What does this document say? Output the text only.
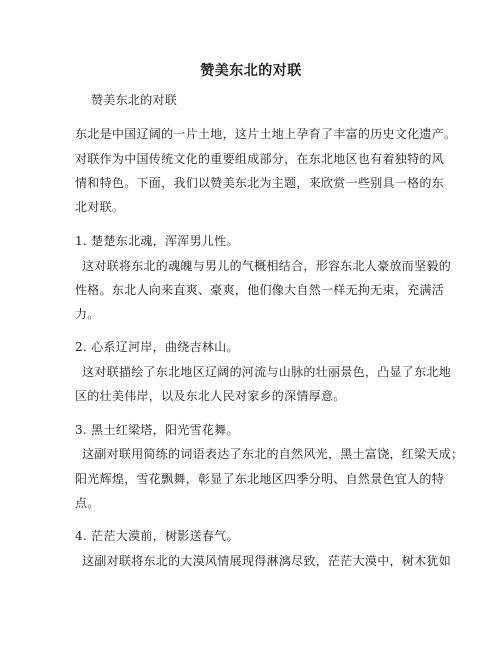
赞美东北的对联
赞美东北的对联
东北是中国辽阔的一片土地，这片土地上孕育了丰富的历史文化遗产。
对联作为中国传统文化的重要组成部分，在东北地区也有着独特的风
情和特色。下面，我们以赞美东北为主题，来欣赏一些别具一格的东
北对联。
1. 楚楚东北魂，浑浑男儿性。
这对联将东北的魂魄与男儿的气概相结合，形容东北人豪放而坚毅的
性格。东北人向来直爽、豪爽，他们像大自然一样无拘无束，充满活
力。
2. 心系辽河岸，曲绕吉林山。
这对联描绘了东北地区辽阔的河流与山脉的壮丽景色，凸显了东北地
区的壮美伟岸，以及东北人民对家乡的深情厚意。
3. 黑土红梁塔，阳光雪花舞。
这副对联用简练的词语表达了东北的自然风光，黑土富饶，红梁天成；
阳光辉煌，雪花飘舞，彰显了东北地区四季分明、自然景色宜人的特
点。
4. 茫茫大漠前，树影送春气。
这副对联将东北的大漠风情展现得淋漓尽致，茫茫大漠中，树木犹如
